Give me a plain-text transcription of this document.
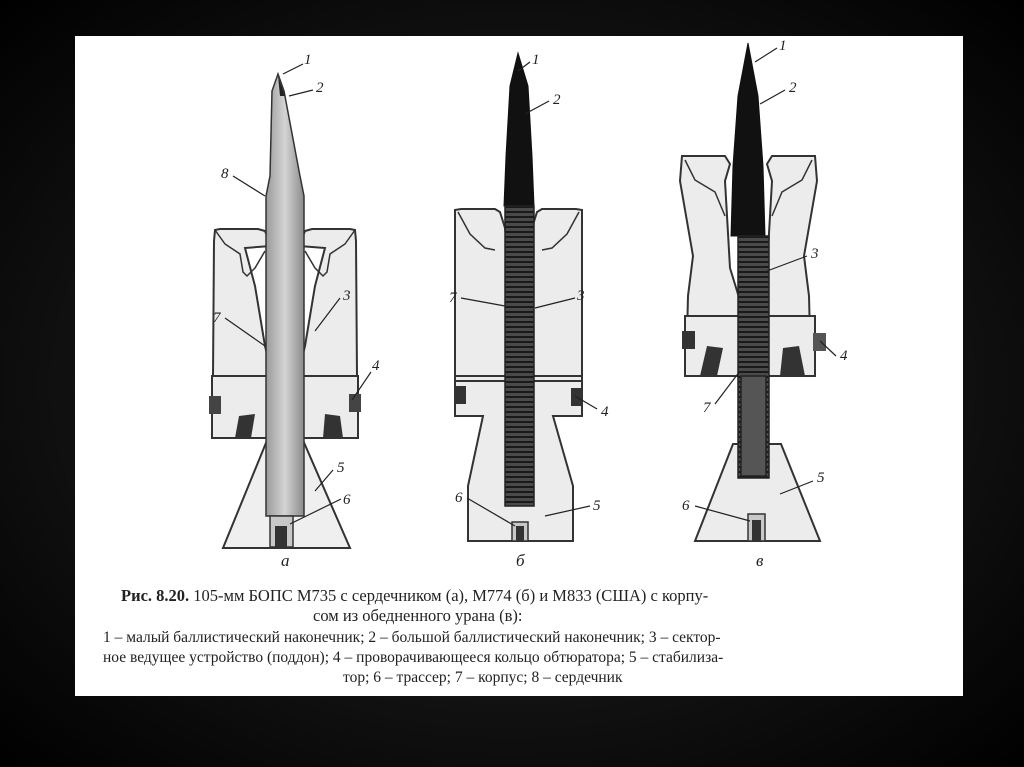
1
2
8
7
3
4
5
6
1
2
3
7
4
6	5
1
2
3
4
7
5
6
а	б	в
Рис. 8.20. 105-мм БОПС М735 с сердечником (а), М774 (б) и М833 (США) с корпу-
сом из обедненного урана (в):
1 – малый баллистический наконечник; 2 – большой баллистический наконечник; 3 – сектор-
ное ведущее устройство (поддон); 4 – проворачивающееся кольцо обтюратора; 5 – стабилиза-
тор; 6 – трассер; 7 – корпус; 8 – сердечник
